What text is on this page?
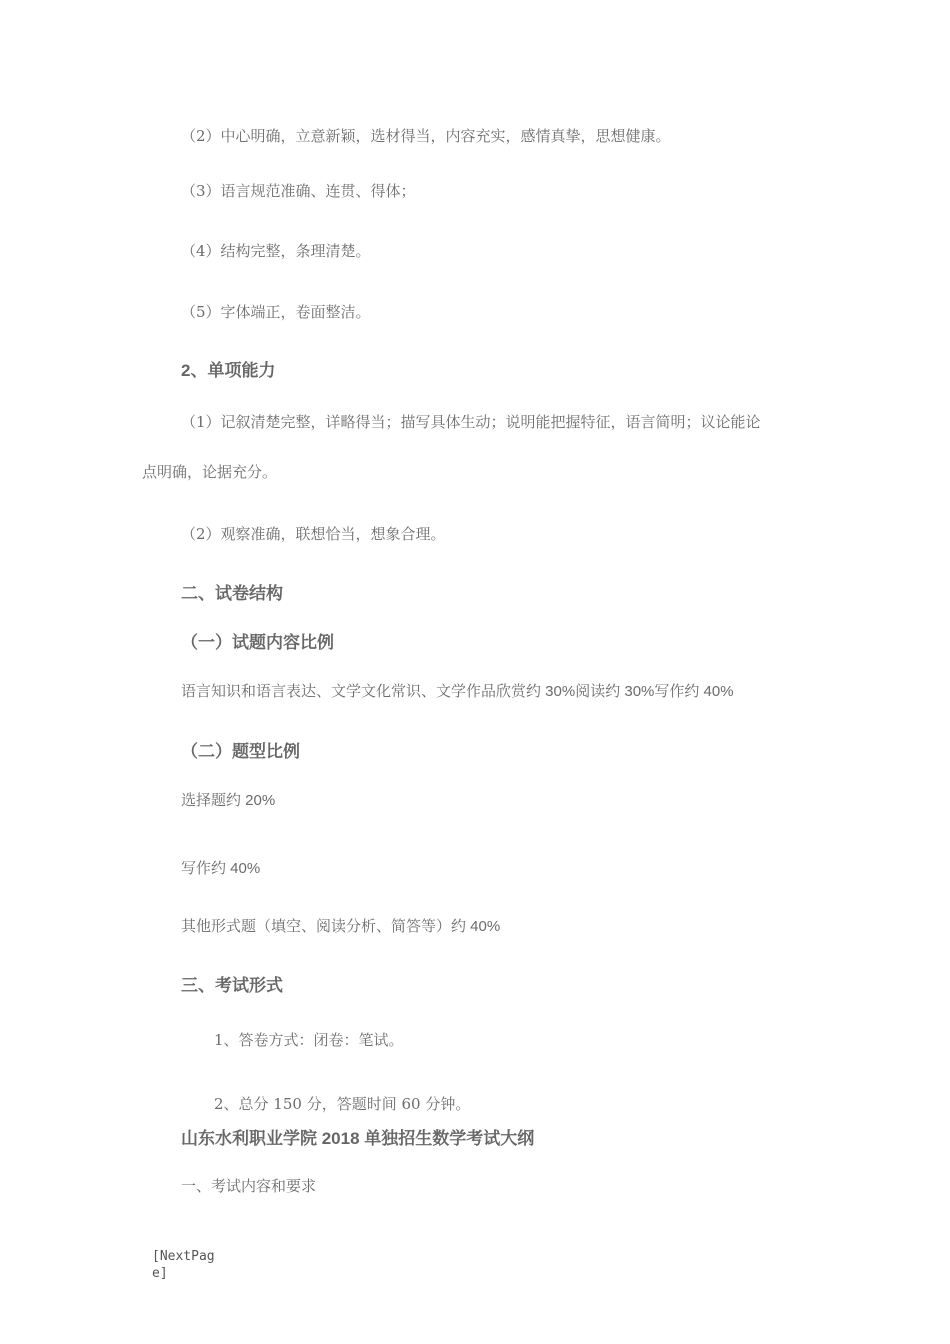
（2）中心明确，立意新颖，选材得当，内容充实，感情真挚，思想健康。
（3）语言规范准确、连贯、得体；
（4）结构完整，条理清楚。
（5）字体端正，卷面整洁。
2、单项能力
（1）记叙清楚完整，详略得当；描写具体生动；说明能把握特征，语言简明；议论能论
点明确，论据充分。
（2）观察准确，联想恰当，想象合理。
二、试卷结构
（一）试题内容比例
语言知识和语言表达、文学文化常识、文学作品欣赏约 30%阅读约 30%写作约 40%
（二）题型比例
选择题约 20%
写作约 40%
其他形式题（填空、阅读分析、简答等）约 40%
三、考试形式
1、答卷方式：闭卷：笔试。
2、总分 150 分，答题时间 60 分钟。
山东水利职业学院 2018 单独招生数学考试大纲
一、考试内容和要求
[NextPag
e]
